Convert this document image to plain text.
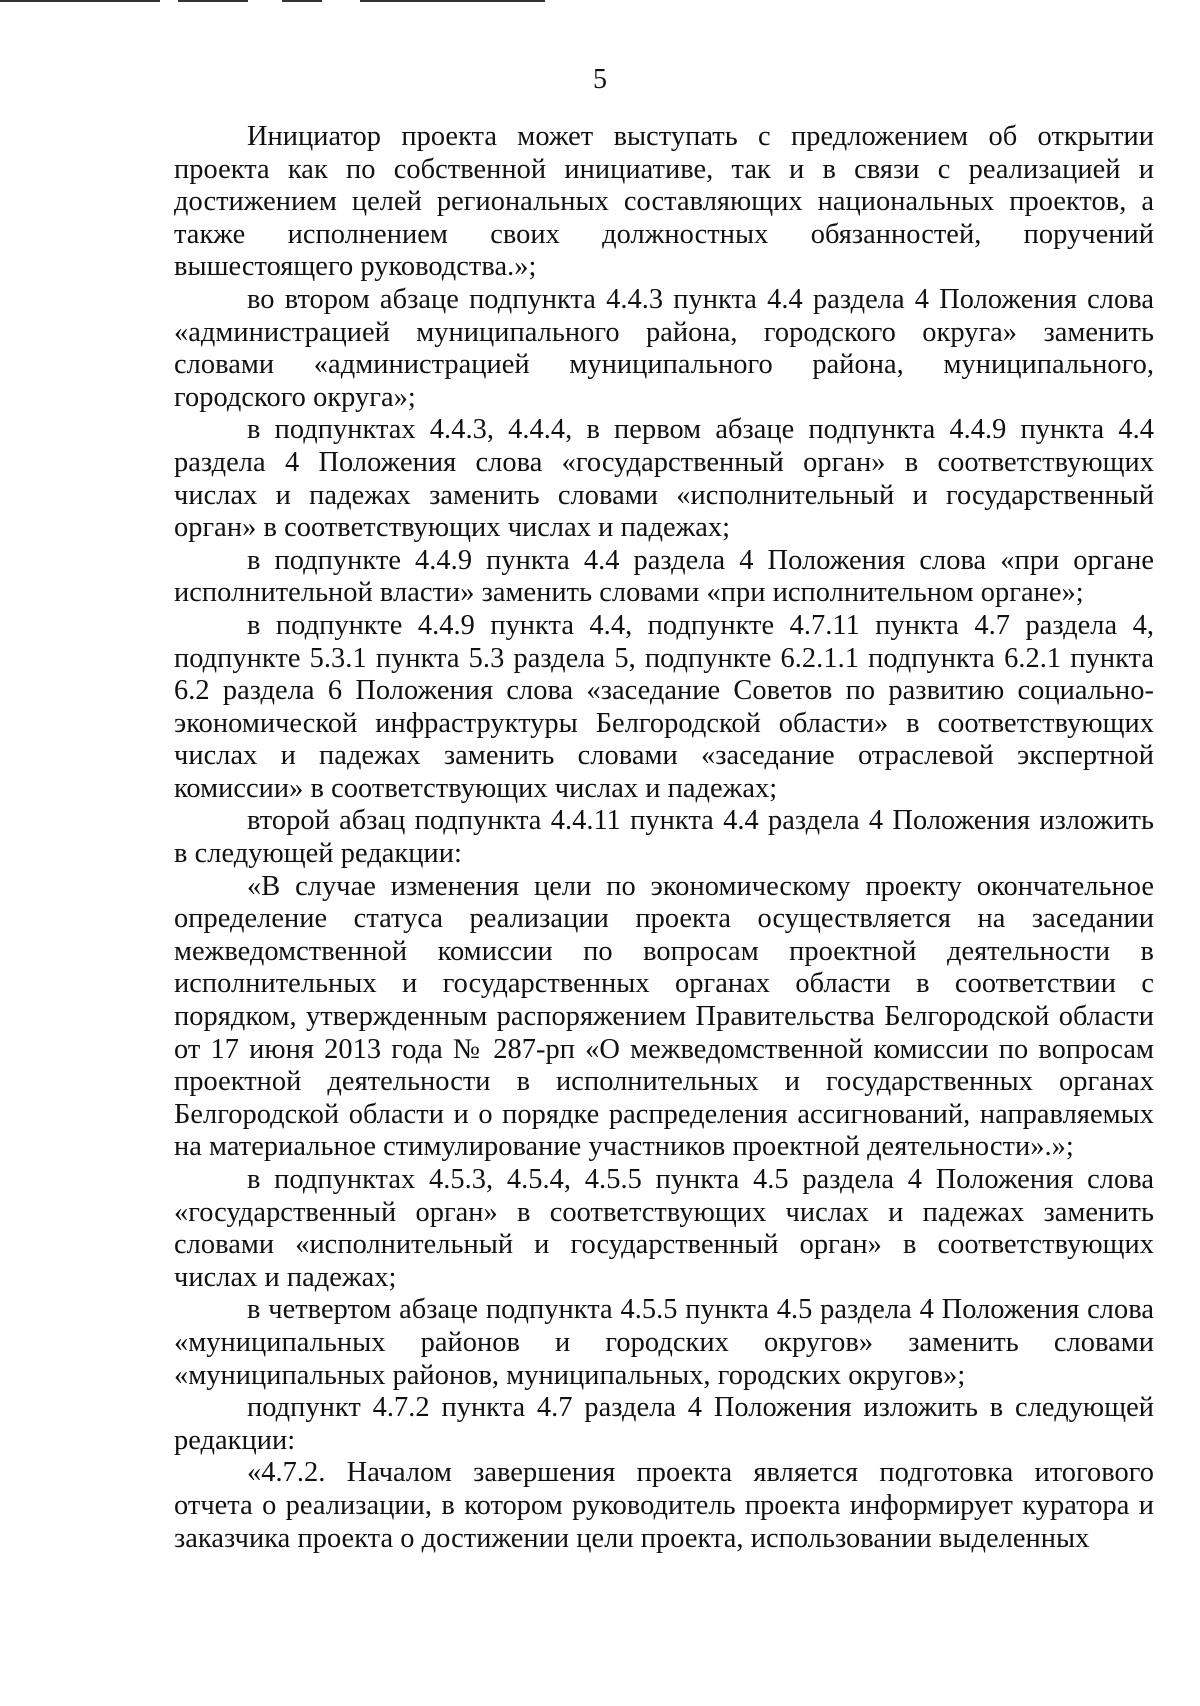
5

Инициатор проекта может выступать с предложением об открытии проекта как по собственной инициативе, так и в связи с реализацией и достижением целей региональных составляющих национальных проектов, а также исполнением своих должностных обязанностей, поручений вышестоящего руководства.»;

во втором абзаце подпункта 4.4.3 пункта 4.4 раздела 4 Положения слова «администрацией муниципального района, городского округа» заменить словами «администрацией муниципального района, муниципального, городского округа»;

в подпунктах 4.4.3, 4.4.4, в первом абзаце подпункта 4.4.9 пункта 4.4 раздела 4 Положения слова «государственный орган» в соответствующих числах и падежах заменить словами «исполнительный и государственный орган» в соответствующих числах и падежах;

в подпункте 4.4.9 пункта 4.4 раздела 4 Положения слова «при органе исполнительной власти» заменить словами «при исполнительном органе»;

в подпункте 4.4.9 пункта 4.4, подпункте 4.7.11 пункта 4.7 раздела 4, подпункте 5.3.1 пункта 5.3 раздела 5, подпункте 6.2.1.1 подпункта 6.2.1 пункта 6.2 раздела 6 Положения слова «заседание Советов по развитию социально-экономической инфраструктуры Белгородской области» в соответствующих числах и падежах заменить словами «заседание отраслевой экспертной комиссии» в соответствующих числах и падежах;

второй абзац подпункта 4.4.11 пункта 4.4 раздела 4 Положения изложить в следующей редакции:

«В случае изменения цели по экономическому проекту окончательное определение статуса реализации проекта осуществляется на заседании межведомственной комиссии по вопросам проектной деятельности в исполнительных и государственных органах области в соответствии с порядком, утвержденным распоряжением Правительства Белгородской области от 17 июня 2013 года № 287-рп «О межведомственной комиссии по вопросам проектной деятельности в исполнительных и государственных органах Белгородской области и о порядке распределения ассигнований, направляемых на материальное стимулирование участников проектной деятельности».»;

в подпунктах 4.5.3, 4.5.4, 4.5.5 пункта 4.5 раздела 4 Положения слова «государственный орган» в соответствующих числах и падежах заменить словами «исполнительный и государственный орган» в соответствующих числах и падежах;

в четвертом абзаце подпункта 4.5.5 пункта 4.5 раздела 4 Положения слова «муниципальных районов и городских округов» заменить словами «муниципальных районов, муниципальных, городских округов»;

подпункт 4.7.2 пункта 4.7 раздела 4 Положения изложить в следующей редакции:

«4.7.2. Началом завершения проекта является подготовка итогового отчета о реализации, в котором руководитель проекта информирует куратора и заказчика проекта о достижении цели проекта, использовании выделенных
